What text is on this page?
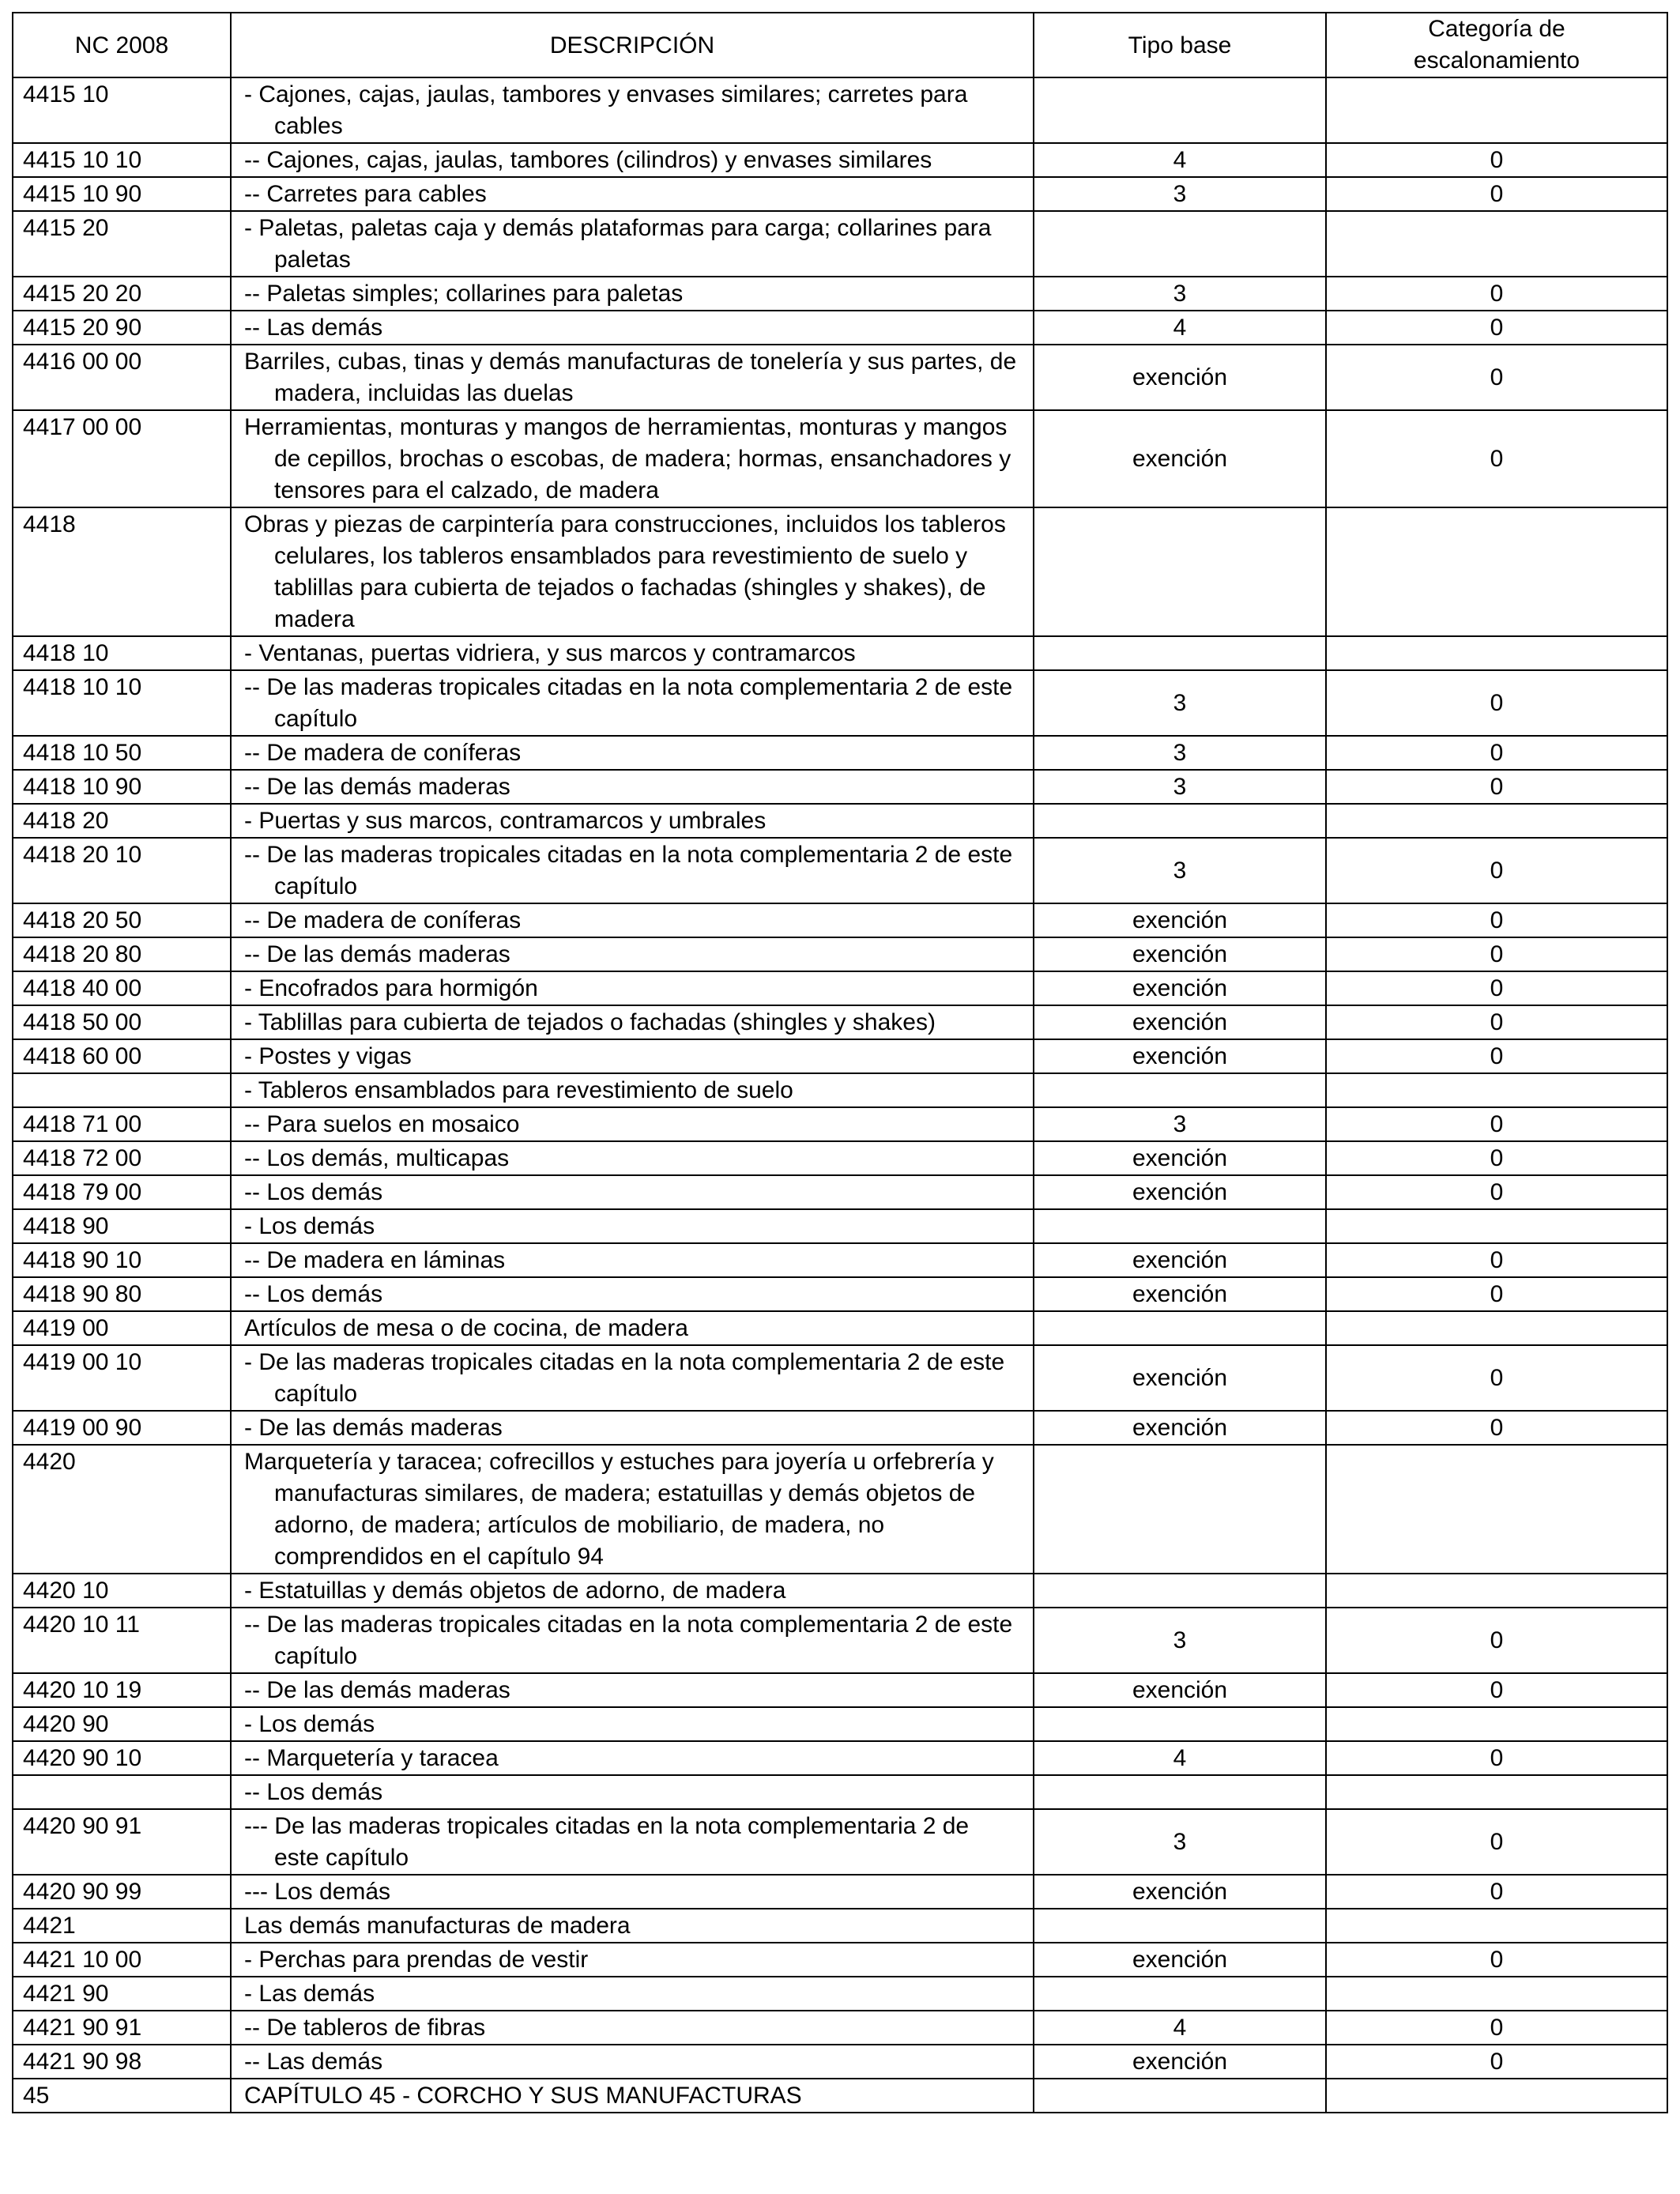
NC 2008	DESCRIPCIÓN	Tipo base	Categoría de escalonamiento
4415 10	- Cajones, cajas, jaulas, tambores y envases similares; carretes para cables		

4415 10 10	-- Cajones, cajas, jaulas, tambores (cilindros) y envases similares	4	0
4415 10 90	-- Carretes para cables	3	0
4415 20	- Paletas, paletas caja y demás plataformas para carga; collarines para paletas		

4415 20 20	-- Paletas simples; collarines para paletas	3	0
4415 20 90	-- Las demás	4	0
4416 00 00	Barriles, cubas, tinas y demás manufacturas de tonelería y sus partes, de madera, incluidas las duelas	exención	0
4417 00 00	Herramientas, monturas y mangos de herramientas, monturas y mangos de cepillos, brochas o escobas, de madera; hormas, ensanchadores y tensores para el calzado, de madera	exención	0
4418	Obras y piezas de carpintería para construcciones, incluidos los tableros celulares, los tableros ensamblados para revestimiento de suelo y tablillas para cubierta de tejados o fachadas (shingles y shakes), de madera		

4418 10	- Ventanas, puertas vidriera, y sus marcos y contramarcos		

4418 10 10	-- De las maderas tropicales citadas en la nota complementaria 2 de este capítulo	3	0
4418 10 50	-- De madera de coníferas	3	0
4418 10 90	-- De las demás maderas	3	0
4418 20	- Puertas y sus marcos, contramarcos y umbrales		

4418 20 10	-- De las maderas tropicales citadas en la nota complementaria 2 de este capítulo	3	0
4418 20 50	-- De madera de coníferas	exención	0
4418 20 80	-- De las demás maderas	exención	0
4418 40 00	- Encofrados para hormigón	exención	0
4418 50 00	- Tablillas para cubierta de tejados o fachadas (shingles y shakes)	exención	0
4418 60 00	- Postes y vigas	exención	0

	- Tableros ensamblados para revestimiento de suelo		

4418 71 00	-- Para suelos en mosaico	3	0
4418 72 00	-- Los demás, multicapas	exención	0
4418 79 00	-- Los demás	exención	0
4418 90	- Los demás		

4418 90 10	-- De madera en láminas	exención	0
4418 90 80	-- Los demás	exención	0
4419 00	Artículos de mesa o de cocina, de madera		

4419 00 10	- De las maderas tropicales citadas en la nota complementaria 2 de este capítulo	exención	0
4419 00 90	- De las demás maderas	exención	0
4420	Marquetería y taracea; cofrecillos y estuches para joyería u orfebrería y manufacturas similares, de madera; estatuillas y demás objetos de adorno, de madera; artículos de mobiliario, de madera, no comprendidos en el capítulo 94		

4420 10	- Estatuillas y demás objetos de adorno, de madera		

4420 10 11	-- De las maderas tropicales citadas en la nota complementaria 2 de este capítulo	3	0
4420 10 19	-- De las demás maderas	exención	0
4420 90	- Los demás		

4420 90 10	-- Marquetería y taracea	4	0

	-- Los demás		

4420 90 91	--- De las maderas tropicales citadas en la nota complementaria 2 de este capítulo	3	0
4420 90 99	--- Los demás	exención	0
4421	Las demás manufacturas de madera		

4421 10 00	- Perchas para prendas de vestir	exención	0
4421 90	- Las demás		

4421 90 91	-- De tableros de fibras	4	0
4421 90 98	-- Las demás	exención	0
45	CAPÍTULO 45 - CORCHO Y SUS MANUFACTURAS		
